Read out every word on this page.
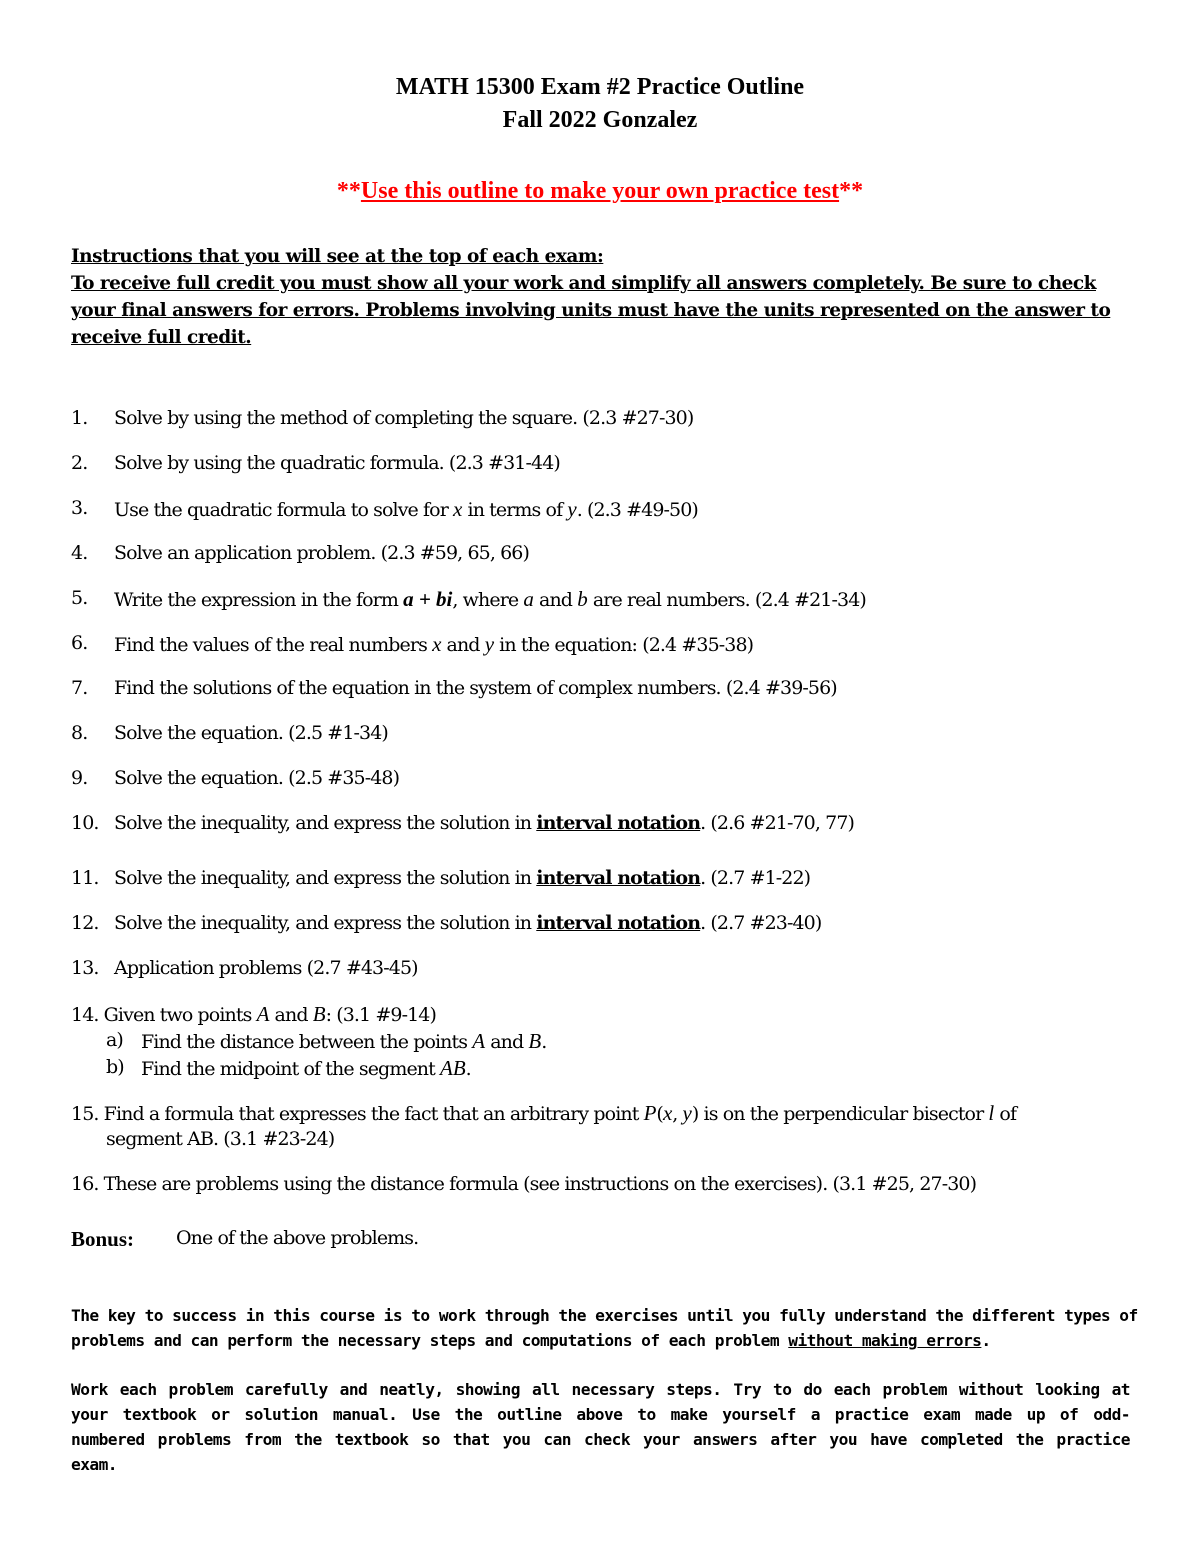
MATH 15300 Exam #2 Practice Outline
Fall 2022 Gonzalez
**Use this outline to make your own practice test**
Instructions that you will see at the top of each exam:
To receive full credit you must show all your work and simplify all answers completely. Be sure to check
your final answers for errors. Problems involving units must have the units represented on the answer to
receive full credit.
1. Solve by using the method of completing the square. (2.3 #27-30)
2. Solve by using the quadratic formula. (2.3 #31-44)
3. Use the quadratic formula to solve for x in terms of y. (2.3 #49-50)
4. Solve an application problem. (2.3 #59, 65, 66)
5. Write the expression in the form a + bi, where a and b are real numbers. (2.4 #21-34)
6. Find the values of the real numbers x and y in the equation: (2.4 #35-38)
7. Find the solutions of the equation in the system of complex numbers. (2.4 #39-56)
8. Solve the equation. (2.5 #1-34)
9. Solve the equation. (2.5 #35-48)
10. Solve the inequality, and express the solution in interval notation. (2.6 #21-70, 77)
11. Solve the inequality, and express the solution in interval notation. (2.7 #1-22)
12. Solve the inequality, and express the solution in interval notation. (2.7 #23-40)
13. Application problems (2.7 #43-45)
14. Given two points A and B: (3.1 #9-14)
a) Find the distance between the points A and B.
b) Find the midpoint of the segment AB.
15. Find a formula that expresses the fact that an arbitrary point P(x, y) is on the perpendicular bisector l of
segment AB. (3.1 #23-24)
16. These are problems using the distance formula (see instructions on the exercises). (3.1 #25, 27-30)
Bonus: One of the above problems.
The key to success in this course is to work through the exercises until you fully understand the different types of
problems and can perform the necessary steps and computations of each problem without making errors.
Work each problem carefully and neatly, showing all necessary steps. Try to do each problem without looking at
your textbook or solution manual. Use the outline above to make yourself a practice exam made up of odd-
numbered problems from the textbook so that you can check your answers after you have completed the practice
exam.
